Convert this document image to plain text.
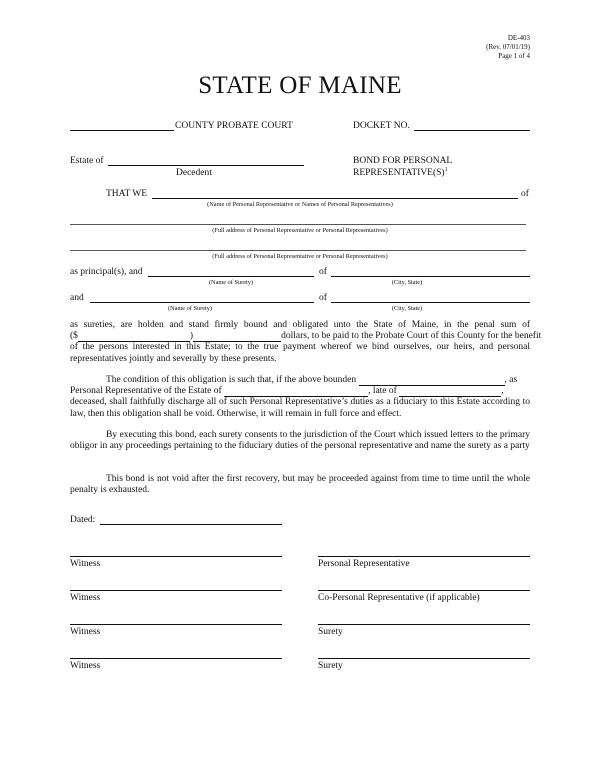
DE-403
(Rev. 07/01/19)
Page 1 of 4
STATE OF MAINE
COUNTY PROBATE COURT	DOCKET NO.
Estate of
Decedent
BOND FOR PERSONAL
$REPRESENTATIVE(S)^1$
THAT WE	of
(Name of Personal Representative or Names of Personal Representatives)
(Full address of Personal Representative or Personal Representatives)
(Full address of Personal Representative or Personal Representatives)
as principal(s), and	of
(Name of Surety)	(City, State)
and	of
(Name of Surety)	(City, State)
as sureties, are holden and stand firmly bound and obligated unto the State of Maine, in the penal sum of
($	)	dollars, to be paid to the Probate Court of this County for the benefit
of the persons interested in this Estate; to the true payment whereof we bind ourselves, our heirs, and personal representatives jointly and severally by these presents.
The condition of this obligation is such that, if the above bounden	, as
Personal Representative of the Estate of	, late of	,
deceased, shall faithfully discharge all of such Personal Representative’s duties as a fiduciary to this Estate according to law, then this obligation shall be void. Otherwise, it will remain in full force and effect.
By executing this bond, each surety consents to the jurisdiction of the Court which issued letters to the primary obligor in any proceedings pertaining to the fiduciary duties of the personal representative and name the surety as a party
This bond is not void after the first recovery, but may be proceeded against from time to time until the whole penalty is exhausted.
Dated:
Witness	Personal Representative
Witness	Co-Personal Representative (if applicable)
Witness	Surety
Witness	Surety
